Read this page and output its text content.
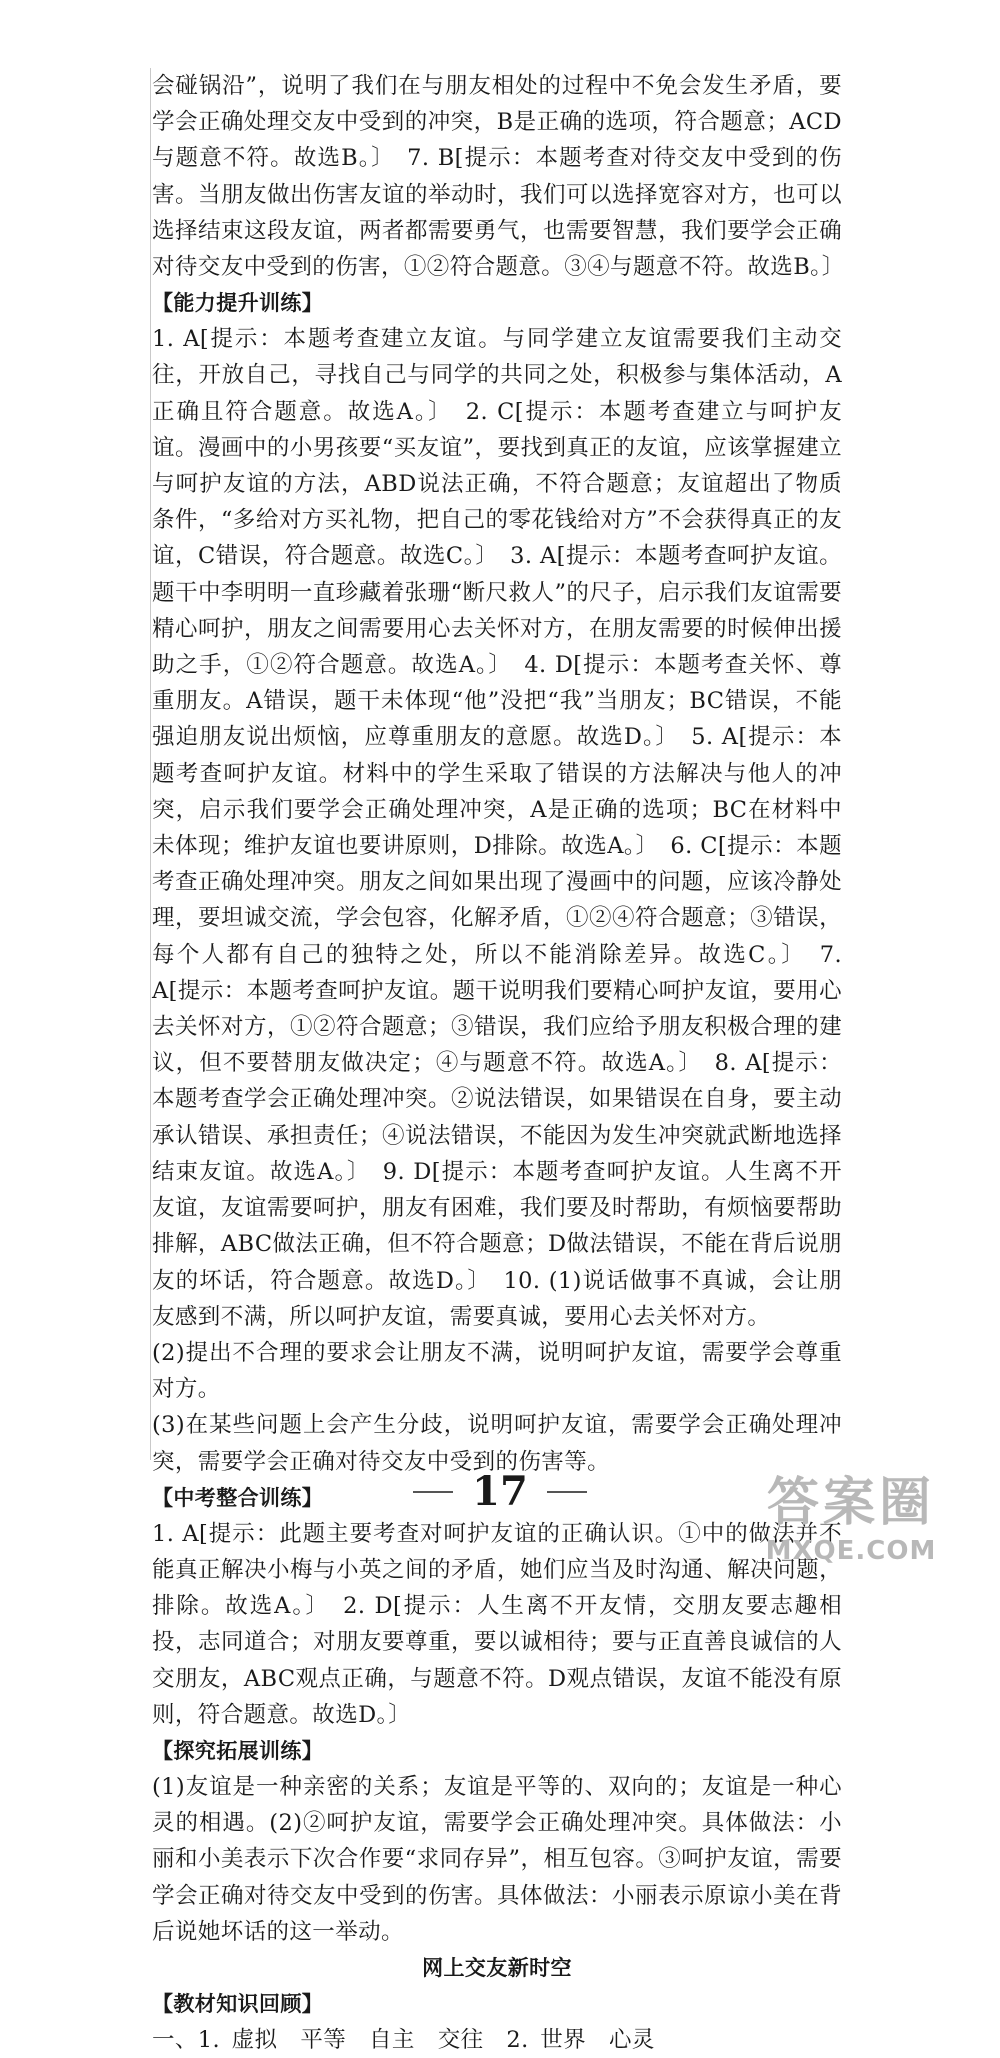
会碰锅沿”，说明了我们在与朋友相处的过程中不免会发生矛盾，要学会正确处理交友中受到的冲突，B是正确的选项，符合题意；ACD与题意不符。故选B。〕　7. B[提示：本题考查对待交友中受到的伤害。当朋友做出伤害友谊的举动时，我们可以选择宽容对方，也可以选择结束这段友谊，两者都需要勇气，也需要智慧，我们要学会正确对待交友中受到的伤害，①②符合题意。③④与题意不符。故选B。〕

【能力提升训练】

1. A[提示：本题考查建立友谊。与同学建立友谊需要我们主动交往，开放自己，寻找自己与同学的共同之处，积极参与集体活动，A正确且符合题意。故选A。〕　2. C[提示：本题考查建立与呵护友谊。漫画中的小男孩要“买友谊”，要找到真正的友谊，应该掌握建立与呵护友谊的方法，ABD说法正确，不符合题意；友谊超出了物质条件，“多给对方买礼物，把自己的零花钱给对方”不会获得真正的友谊，C错误，符合题意。故选C。〕　3. A[提示：本题考查呵护友谊。题干中李明明一直珍藏着张珊“断尺救人”的尺子，启示我们友谊需要精心呵护，朋友之间需要用心去关怀对方，在朋友需要的时候伸出援助之手，①②符合题意。故选A。〕　4. D[提示：本题考查关怀、尊重朋友。A错误，题干未体现“他”没把“我”当朋友；BC错误，不能强迫朋友说出烦恼，应尊重朋友的意愿。故选D。〕　5. A[提示：本题考查呵护友谊。材料中的学生采取了错误的方法解决与他人的冲突，启示我们要学会正确处理冲突，A是正确的选项；BC在材料中未体现；维护友谊也要讲原则，D排除。故选A。〕　6. C[提示：本题考查正确处理冲突。朋友之间如果出现了漫画中的问题，应该冷静处理，要坦诚交流，学会包容，化解矛盾，①②④符合题意；③错误，每个人都有自己的独特之处，所以不能消除差异。故选C。〕　7. A[提示：本题考查呵护友谊。题干说明我们要精心呵护友谊，要用心去关怀对方，①②符合题意；③错误，我们应给予朋友积极合理的建议，但不要替朋友做决定；④与题意不符。故选A。〕　8. A[提示：本题考查学会正确处理冲突。②说法错误，如果错误在自身，要主动承认错误、承担责任；④说法错误，不能因为发生冲突就武断地选择结束友谊。故选A。〕　9. D[提示：本题考查呵护友谊。人生离不开友谊，友谊需要呵护，朋友有困难，我们要及时帮助，有烦恼要帮助排解，ABC做法正确，但不符合题意；D做法错误，不能在背后说朋友的坏话，符合题意。故选D。〕　10. (1)说话做事不真诚，会让朋友感到不满，所以呵护友谊，需要真诚，要用心去关怀对方。

(2)提出不合理的要求会让朋友不满，说明呵护友谊，需要学会尊重对方。

(3)在某些问题上会产生分歧，说明呵护友谊，需要学会正确处理冲突，需要学会正确对待交友中受到的伤害等。

【中考整合训练】

1. A[提示：此题主要考查对呵护友谊的正确认识。①中的做法并不能真正解决小梅与小英之间的矛盾，她们应当及时沟通、解决问题，排除。故选A。〕　2. D[提示：人生离不开友情，交朋友要志趣相投，志同道合；对朋友要尊重，要以诚相待；要与正直善良诚信的人交朋友，ABC观点正确，与题意不符。D观点错误，友谊不能没有原则，符合题意。故选D。〕

【探究拓展训练】

(1)友谊是一种亲密的关系；友谊是平等的、双向的；友谊是一种心灵的相遇。(2)②呵护友谊，需要学会正确处理冲突。具体做法：小丽和小美表示下次合作要“求同存异”，相互包容。③呵护友谊，需要学会正确对待交友中受到的伤害。具体做法：小丽表示原谅小美在背后说她坏话的这一举动。

网上交友新时空

【教材知识回顾】

一、1. 虚拟　平等　自主　交往　2. 世界　心灵

17	答案圈
MXQE.COM
